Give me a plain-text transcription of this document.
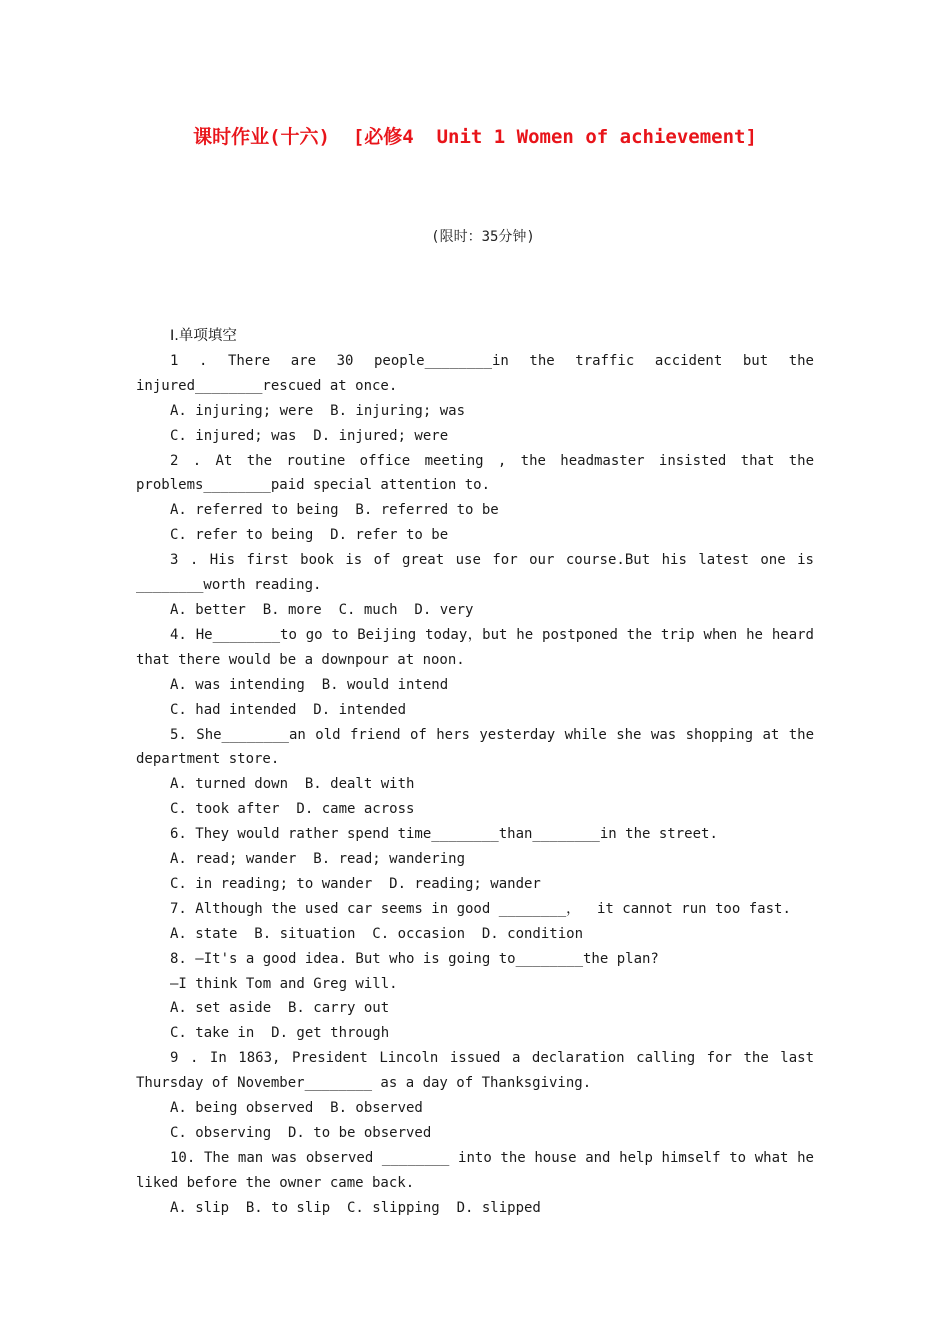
课时作业(十六)  [必修4  Unit 1 Women of achievement]
(限时：35分钟)
Ⅰ.单项填空
1 . There are 30 people________in the traffic accident but the
injured________rescued at once.
A. injuring; were  B. injuring; was
C. injured; was  D. injured; were
2 . At the routine office meeting , the headmaster insisted that the
problems________paid special attention to.
A. referred to being  B. referred to be
C. refer to being  D. refer to be
3 . His first book is of great use for our course.But his latest one is
________worth reading.
A. better  B. more  C. much  D. very
4. He________to go to Beijing today，but he postponed the trip when he heard
that there would be a downpour at noon.
A. was intending  B. would intend
C. had intended  D. intended
5. She________an old friend of hers yesterday while she was shopping at the
department store.
A. turned down  B. dealt with
C. took after  D. came across
6. They would rather spend time________than________in the street.
A. read; wander  B. read; wandering
C. in reading; to wander  D. reading; wander
7. Although the used car seems in good ________，  it cannot run too fast.
A. state  B. situation  C. occasion  D. condition
8. —It's a good idea. But who is going to________the plan?
—I think Tom and Greg will.
A. set aside  B. carry out
C. take in  D. get through
9 . In 1863, President Lincoln issued a declaration calling for the last
Thursday of November________ as a day of Thanksgiving.
A. being observed  B. observed
C. observing  D. to be observed
10. The man was observed ________ into the house and help himself to what he
liked before the owner came back.
A. slip  B. to slip  C. slipping  D. slipped
